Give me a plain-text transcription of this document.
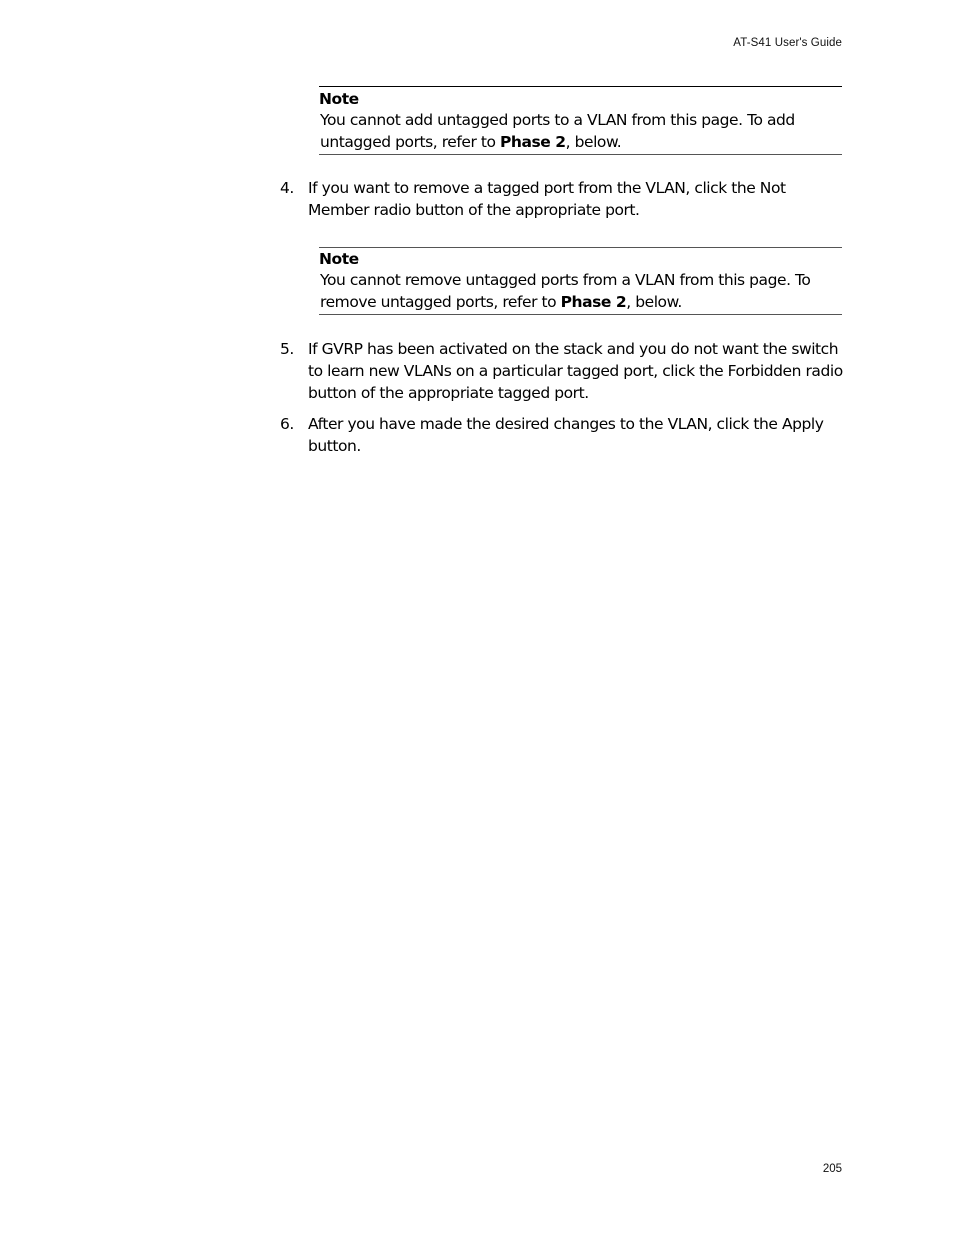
AT-S41 User's Guide
Note
You cannot add untagged ports to a VLAN from this page. To add untagged ports, refer to Phase 2, below.
4. If you want to remove a tagged port from the VLAN, click the Not Member radio button of the appropriate port.
Note
You cannot remove untagged ports from a VLAN from this page. To remove untagged ports, refer to Phase 2, below.
5. If GVRP has been activated on the stack and you do not want the switch to learn new VLANs on a particular tagged port, click the Forbidden radio button of the appropriate tagged port.
6. After you have made the desired changes to the VLAN, click the Apply button.
205
